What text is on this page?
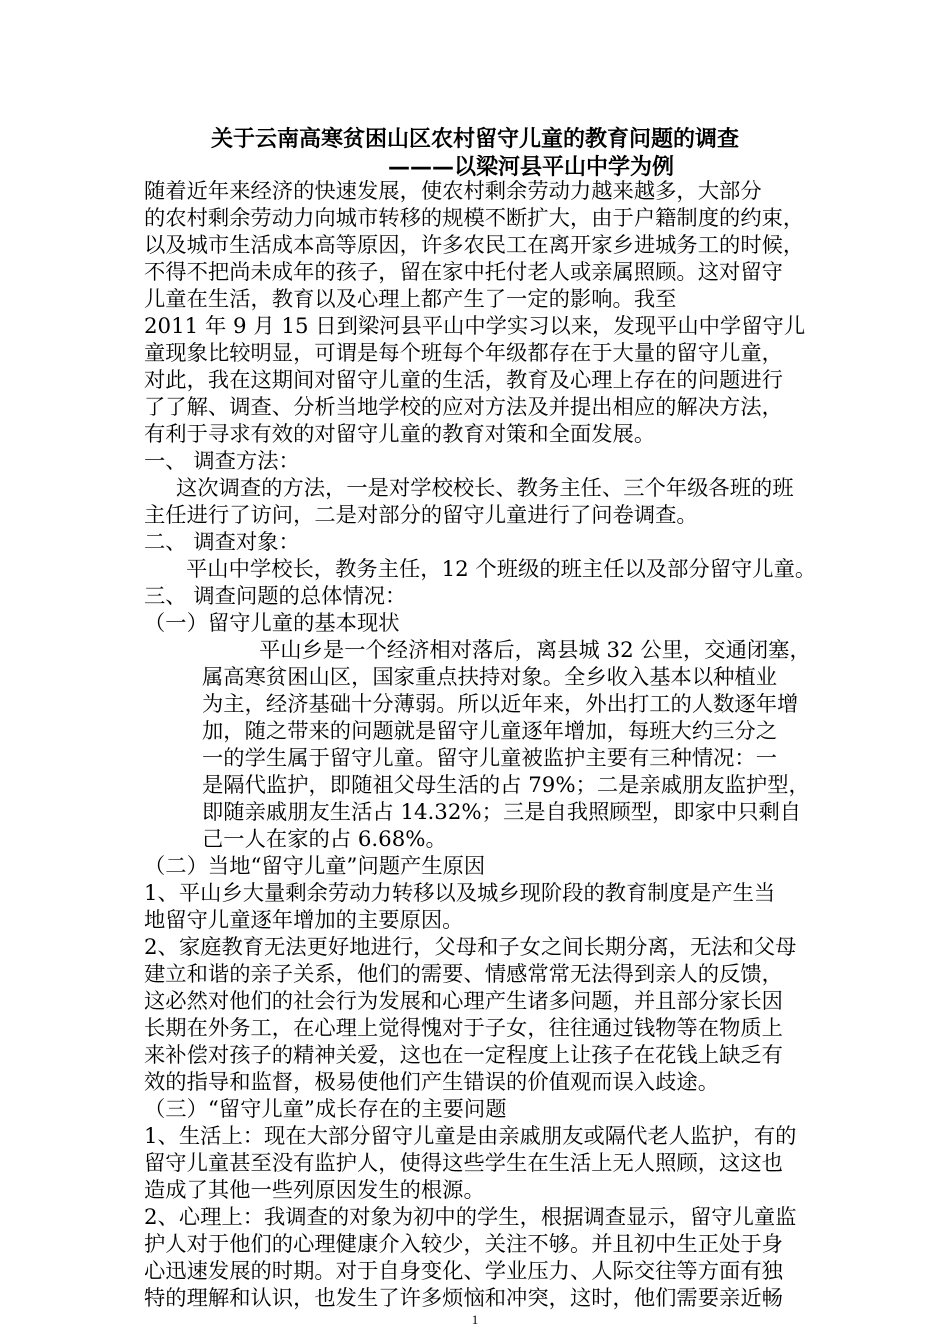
关于云南高寒贫困山区农村留守儿童的教育问题的调查
———以梁河县平山中学为例
随着近年来经济的快速发展，使农村剩余劳动力越来越多，大部分
的农村剩余劳动力向城市转移的规模不断扩大，由于户籍制度的约束，
以及城市生活成本高等原因，许多农民工在离开家乡进城务工的时候，
不得不把尚未成年的孩子，留在家中托付老人或亲属照顾。这对留守
儿童在生活，教育以及心理上都产生了一定的影响。我至
2011 年 9 月 15 日到梁河县平山中学实习以来，发现平山中学留守儿
童现象比较明显，可谓是每个班每个年级都存在于大量的留守儿童，
对此，我在这期间对留守儿童的生活，教育及心理上存在的问题进行
了了解、调查、分析当地学校的应对方法及并提出相应的解决方法，
有利于寻求有效的对留守儿童的教育对策和全面发展。
一、 调查方法：
这次调查的方法，一是对学校校长、教务主任、三个年级各班的班
主任进行了访问，二是对部分的留守儿童进行了问卷调查。
二、 调查对象：
平山中学校长，教务主任，12 个班级的班主任以及部分留守儿童。
三、 调查问题的总体情况：
（一）留守儿童的基本现状
平山乡是一个经济相对落后，离县城 32 公里，交通闭塞，
属高寒贫困山区，国家重点扶持对象。全乡收入基本以种植业
为主，经济基础十分薄弱。所以近年来，外出打工的人数逐年增
加，随之带来的问题就是留守儿童逐年增加，每班大约三分之
一的学生属于留守儿童。留守儿童被监护主要有三种情况：一
是隔代监护，即随祖父母生活的占 79%；二是亲戚朋友监护型，
即随亲戚朋友生活占 14.32%；三是自我照顾型，即家中只剩自
己一人在家的占 6.68%。
（二）当地“留守儿童”问题产生原因
1、平山乡大量剩余劳动力转移以及城乡现阶段的教育制度是产生当
地留守儿童逐年增加的主要原因。
2、家庭教育无法更好地进行，父母和子女之间长期分离，无法和父母
建立和谐的亲子关系，他们的需要、情感常常无法得到亲人的反馈，
这必然对他们的社会行为发展和心理产生诸多问题，并且部分家长因
长期在外务工，在心理上觉得愧对于子女，往往通过钱物等在物质上
来补偿对孩子的精神关爱，这也在一定程度上让孩子在花钱上缺乏有
效的指导和监督，极易使他们产生错误的价值观而误入歧途。
（三）“留守儿童”成长存在的主要问题
1、生活上：现在大部分留守儿童是由亲戚朋友或隔代老人监护，有的
留守儿童甚至没有监护人，使得这些学生在生活上无人照顾，这这也
造成了其他一些列原因发生的根源。
2、心理上：我调查的对象为初中的学生，根据调查显示，留守儿童监
护人对于他们的心理健康介入较少，关注不够。并且初中生正处于身
心迅速发展的时期。对于自身变化、学业压力、人际交往等方面有独
特的理解和认识，也发生了许多烦恼和冲突，这时，他们需要亲近畅
1
